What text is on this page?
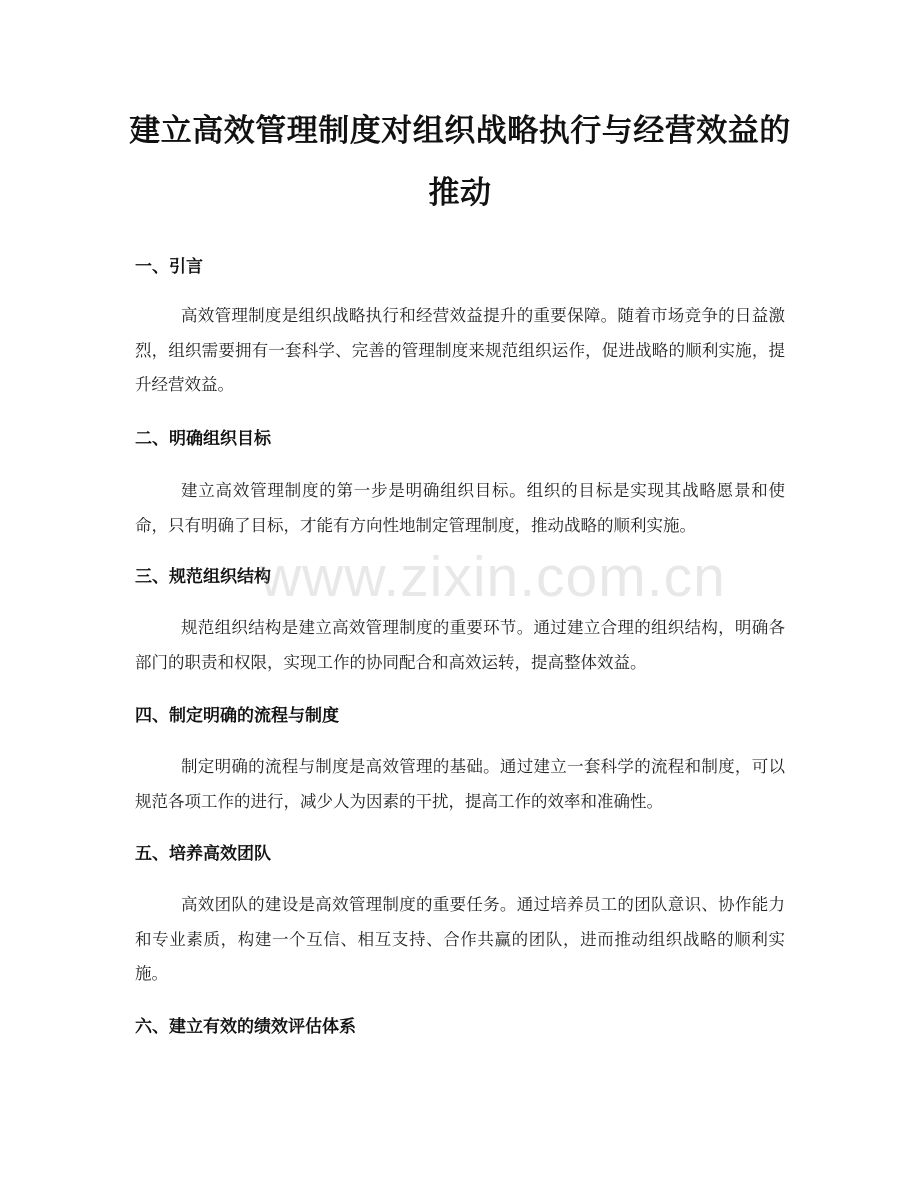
建立高效管理制度对组织战略执行与经营效益的推动
一、引言
高效管理制度是组织战略执行和经营效益提升的重要保障。随着市场竞争的日益激烈，组织需要拥有一套科学、完善的管理制度来规范组织运作，促进战略的顺利实施，提升经营效益。
二、明确组织目标
建立高效管理制度的第一步是明确组织目标。组织的目标是实现其战略愿景和使命，只有明确了目标，才能有方向性地制定管理制度，推动战略的顺利实施。
三、规范组织结构
规范组织结构是建立高效管理制度的重要环节。通过建立合理的组织结构，明确各部门的职责和权限，实现工作的协同配合和高效运转，提高整体效益。
四、制定明确的流程与制度
制定明确的流程与制度是高效管理的基础。通过建立一套科学的流程和制度，可以规范各项工作的进行，减少人为因素的干扰，提高工作的效率和准确性。
五、培养高效团队
高效团队的建设是高效管理制度的重要任务。通过培养员工的团队意识、协作能力和专业素质，构建一个互信、相互支持、合作共赢的团队，进而推动组织战略的顺利实施。
六、建立有效的绩效评估体系
www.zixin.com.cn
